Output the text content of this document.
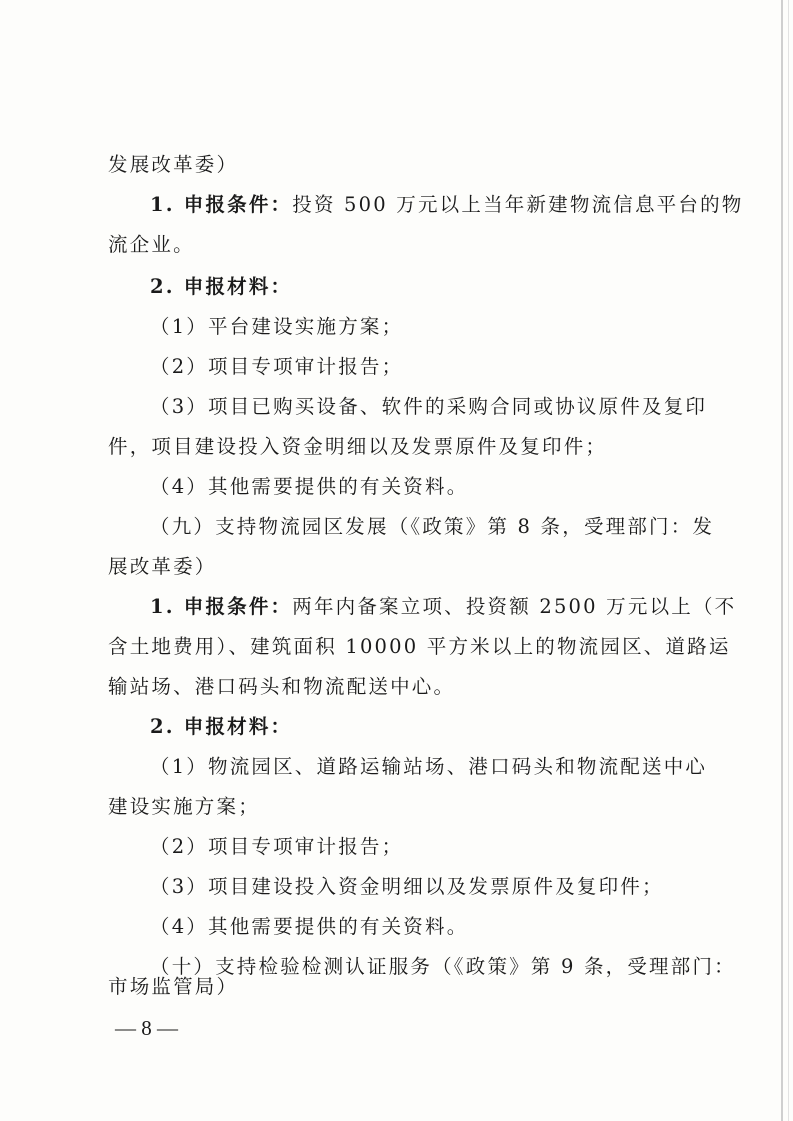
发展改革委）
1. 申报条件：投资 500 万元以上当年新建物流信息平台的物
流企业。
2. 申报材料：
（1）平台建设实施方案；
（2）项目专项审计报告；
（3）项目已购买设备、软件的采购合同或协议原件及复印
件，项目建设投入资金明细以及发票原件及复印件；
（4）其他需要提供的有关资料。
（九）支持物流园区发展（《政策》第 8 条，受理部门：发
展改革委）
1. 申报条件：两年内备案立项、投资额 2500 万元以上（不
含土地费用）、建筑面积 10000 平方米以上的物流园区、道路运
输站场、港口码头和物流配送中心。
2. 申报材料：
（1）物流园区、道路运输站场、港口码头和物流配送中心
建设实施方案；
（2）项目专项审计报告；
（3）项目建设投入资金明细以及发票原件及复印件；
（4）其他需要提供的有关资料。
（十）支持检验检测认证服务（《政策》第 9 条，受理部门：
市场监管局）
— 8 —
